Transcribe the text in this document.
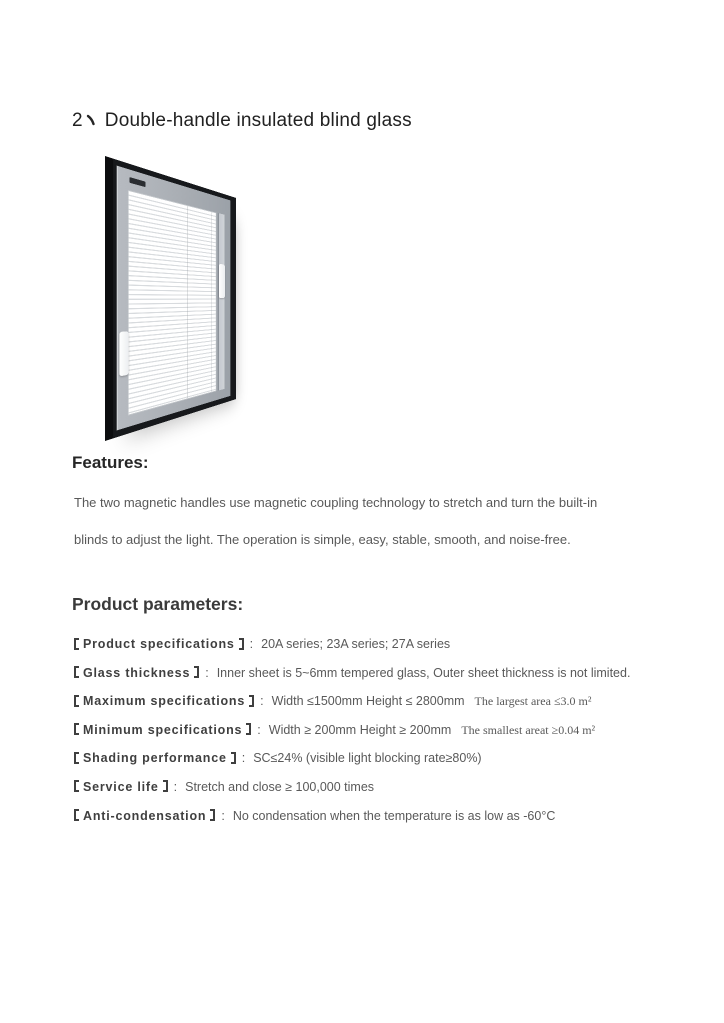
2 Double-handle insulated blind glass
Features:
The two magnetic handles use magnetic coupling technology to stretch and turn the built-in
blinds to adjust the light. The operation is simple, easy, stable, smooth, and noise-free.
Product parameters:
Product specifications : 20A series; 23A series; 27A series
Glass thickness : Inner sheet is 5~6mm tempered glass, Outer sheet thickness is not limited.
Maximum specifications : Width ≤1500mm Height ≤ 2800mm The largest area ≤3.0 m²
Minimum specifications : Width ≥ 200mm Height ≥ 200mm The smallest areat ≥0.04 m²
Shading performance : SC≤24% (visible light blocking rate≥80%)
Service life : Stretch and close ≥ 100,000 times
Anti-condensation : No condensation when the temperature is as low as -60°C
